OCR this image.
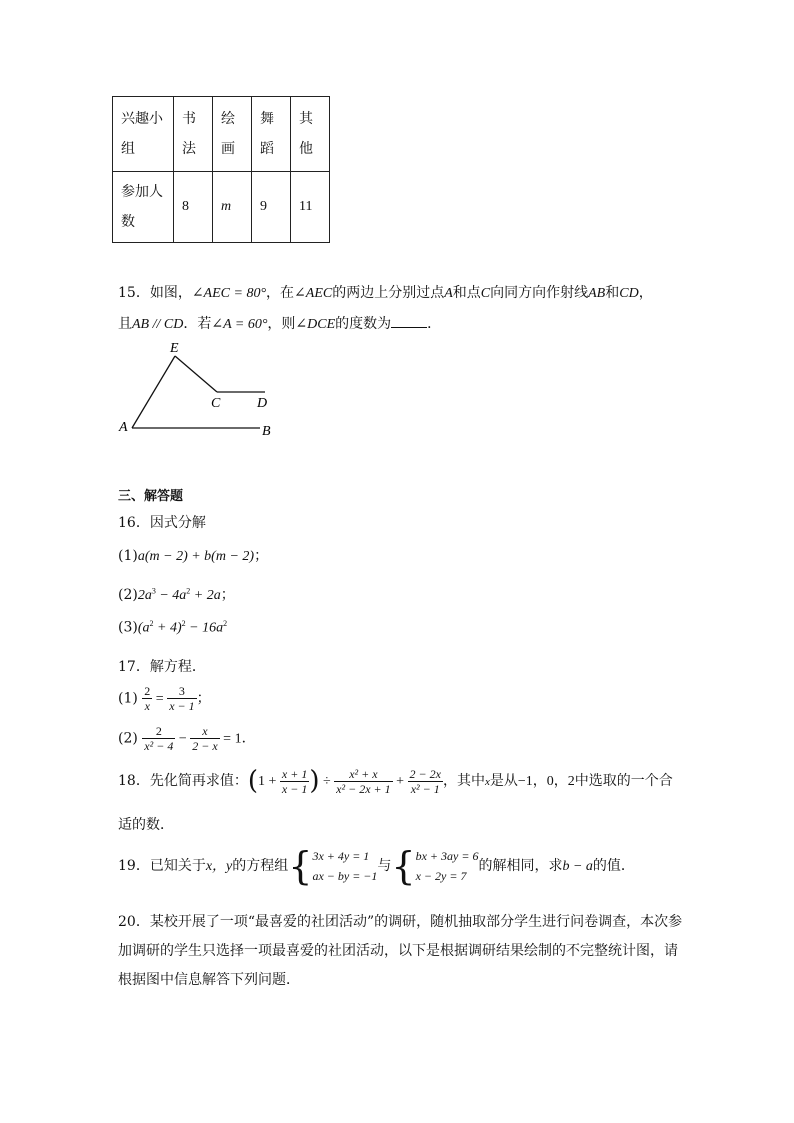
兴趣小组	书法	绘画	舞蹈	其他
参加人数	8	m	9	11
15．如图，∠AEC = 80°，在∠AEC的两边上分别过点A和点C向同方向作射线AB和CD，
且AB // CD．若∠A = 60°，则∠DCE的度数为	．
E
C	D
A	B
三、解答题
16．因式分解
(1)a(m − 2) + b(m − 2)；
$(2)2a^3 - 4a^2 + 2a$；
$(3)(a^2 + 4)^2 - 16a^2$
17．解方程．
$(1) \frac{2}{x} = \frac{3}{x - 1}$ ；
$(2) \frac{2}{\text{x² − 4}} - \frac{x}{2 - x} = 1$．
18．先化简再求值：($1 + \frac{x + 1}{x - 1}$ ) ÷ $\frac{\text{x² + x}}{\text{x² − 2x + 1}} + \frac{2 - 2x}{\text{x² − 1}}$ ，其中x是从−1，0，2中选取的一个合
适的数．
19．已知关于x，y的方程组{ 3x + 4y = 1
ax − by = −1
与{ bx + 3ay = 6
x − 2y = 7
的解相同，求b − a的值．
20．某校开展了一项“最喜爱的社团活动”的调研，随机抽取部分学生进行问卷调查，本次参
加调研的学生只选择一项最喜爱的社团活动，以下是根据调研结果绘制的不完整统计图，请
根据图中信息解答下列问题．
